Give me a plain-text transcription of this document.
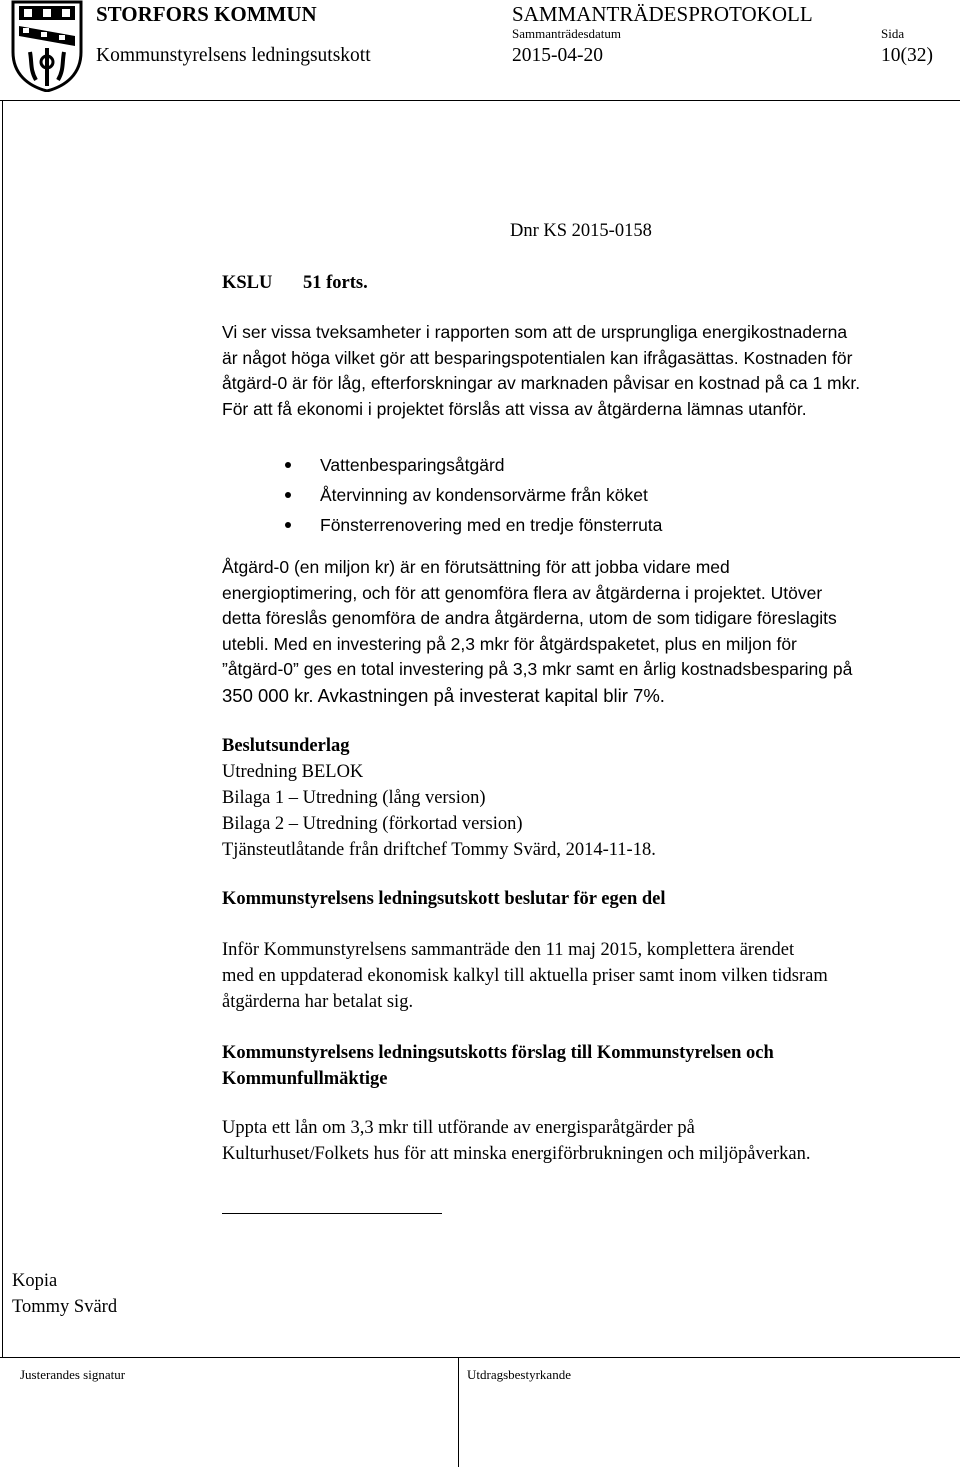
STORFORS KOMMUN	SAMMANTRÄDESPROTOKOLL
Sammanträdesdatum	Sida
Kommunstyrelsens ledningsutskott	2015-04-20	10(32)
Dnr KS 2015-0158
KSLU 51 forts.
Vi ser vissa tveksamheter i rapporten som att de ursprungliga energikostnaderna
är något höga vilket gör att besparingspotentialen kan ifrågasättas. Kostnaden för
åtgärd-0 är för låg, efterforskningar av marknaden påvisar en kostnad på ca 1 mkr.
För att få ekonomi i projektet förslås att vissa av åtgärderna lämnas utanför.
Vattenbesparingsåtgärd
Återvinning av kondensorvärme från köket
Fönsterrenovering med en tredje fönsterruta
Åtgärd-0 (en miljon kr) är en förutsättning för att jobba vidare med
energioptimering, och för att genomföra flera av åtgärderna i projektet. Utöver
detta föreslås genomföra de andra åtgärderna, utom de som tidigare föreslagits
utebli. Med en investering på 2,3 mkr för åtgärdspaketet, plus en miljon för
”åtgärd-0” ges en total investering på 3,3 mkr samt en årlig kostnadsbesparing på
350 000 kr. Avkastningen på investerat kapital blir 7%.
Beslutsunderlag
Utredning BELOK
Bilaga 1 – Utredning (lång version)
Bilaga 2 – Utredning (förkortad version)
Tjänsteutlåtande från driftchef Tommy Svärd, 2014-11-18.
Kommunstyrelsens ledningsutskott beslutar för egen del
Inför Kommunstyrelsens sammanträde den 11 maj 2015, komplettera ärendet
med en uppdaterad ekonomisk kalkyl till aktuella priser samt inom vilken tidsram
åtgärderna har betalat sig.
Kommunstyrelsens ledningsutskotts förslag till Kommunstyrelsen och
Kommunfullmäktige
Uppta ett lån om 3,3 mkr till utförande av energisparåtgärder på
Kulturhuset/Folkets hus för att minska energiförbrukningen och miljöpåverkan.
Kopia
Tommy Svärd
Justerandes signatur	Utdragsbestyrkande
